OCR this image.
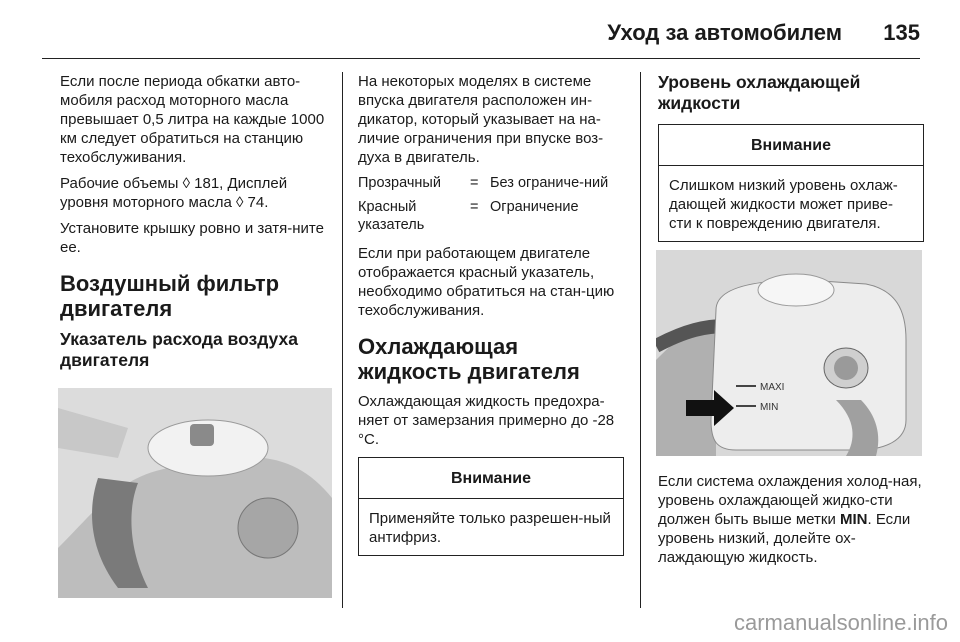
Уход за автомобилем 135

Если после периода обкатки авто-мобиля расход моторного масла превышает 0,5 литра на каждые 1000 км следует обратиться на станцию техобслуживания.

Рабочие объемы ◊ 181, Дисплей уровня моторного масла ◊ 74.

Установите крышку ровно и затя-ните ее.

Воздушный фильтр двигателя
Указатель расхода воздуха двигателя

На некоторых моделях в системе впуска двигателя расположен ин-дикатор, который указывает на на-личие ограничения при впуске воз-духа в двигатель.

Прозрачный	= Без ограниче-ний
Красный указатель
= Ограничение

Если при работающем двигателе отображается красный указатель, необходимо обратиться на стан-цию техобслуживания.

Охлаждающая жидкость двигателя

Охлаждающая жидкость предохра-няет от замерзания примерно до -28 °C.

Внимание
Применяйте только разрешен-ный антифриз.
Уровень охлаждающей жидкости
Внимание
Слишком низкий уровень охлаж-дающей жидкости может приве-сти к повреждению двигателя.
MAXI
MIN

Если система охлаждения холод-ная, уровень охлаждающей жидко-сти должен быть выше метки MIN. Если уровень низкий, долейте ох-лаждающую жидкость.

carmanualsonline.info
